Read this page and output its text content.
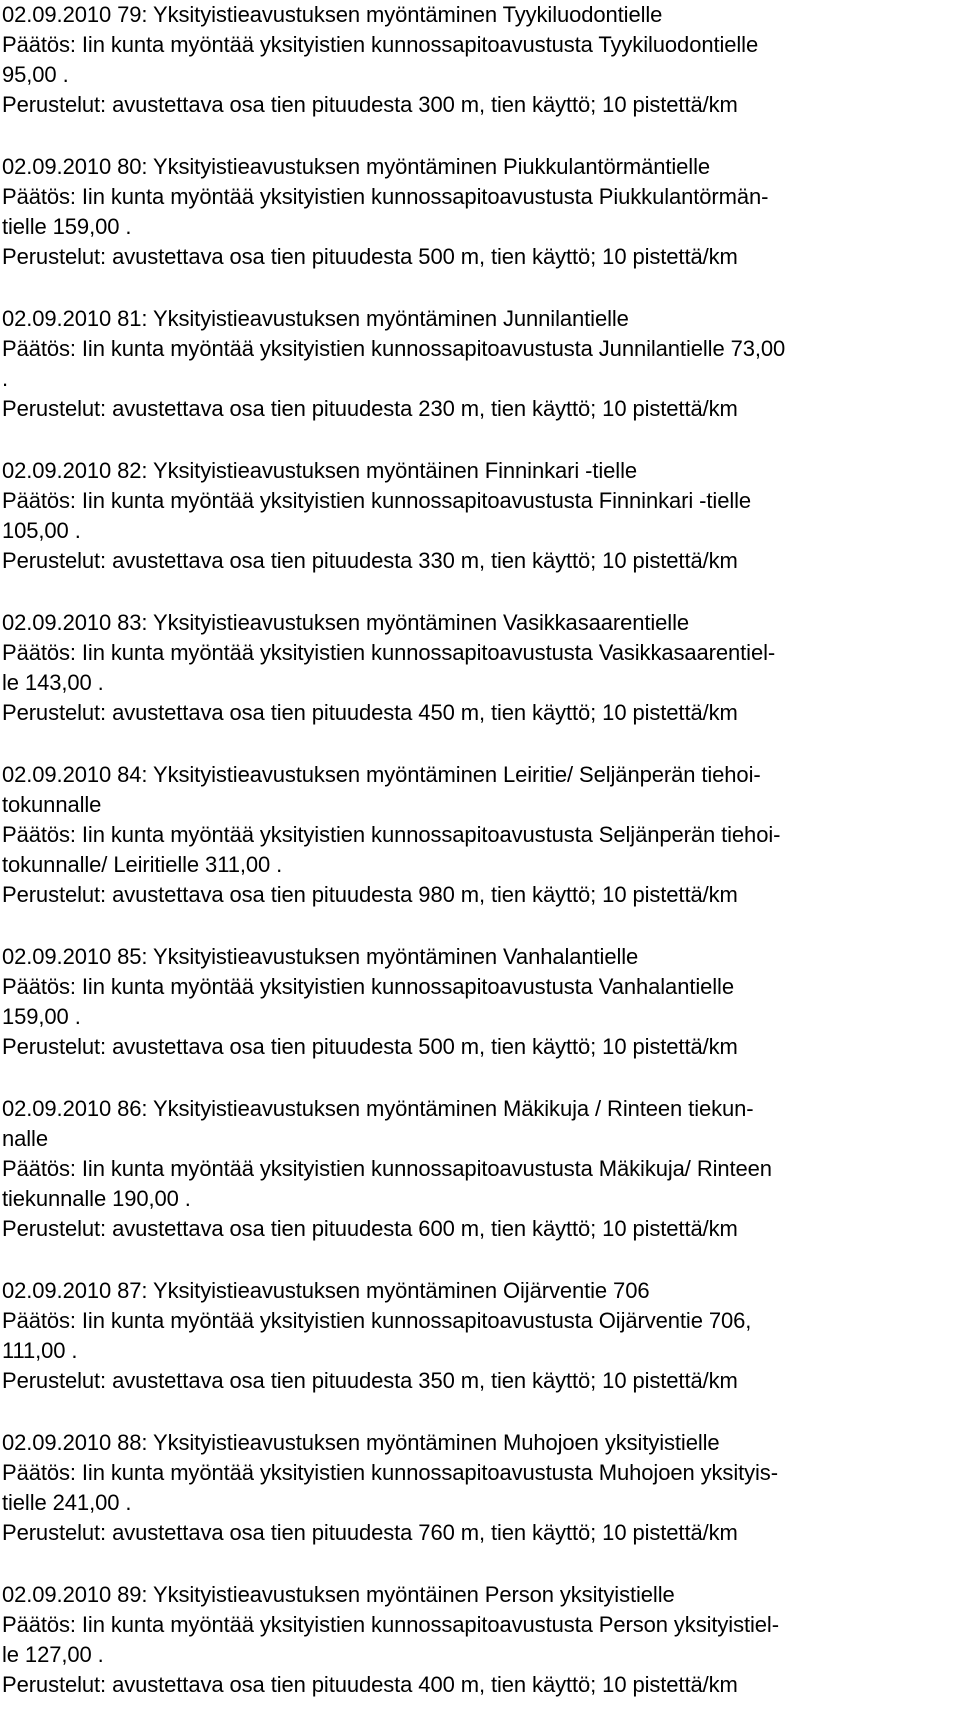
02.09.2010 79: Yksityistieavustuksen myöntäminen Tyykiluodontielle
Päätös: Iin kunta myöntää yksityistien kunnossapitoavustusta Tyykiluodontielle
95,00 .
Perustelut: avustettava osa tien pituudesta 300 m, tien käyttö; 10 pistettä/km
02.09.2010 80: Yksityistieavustuksen myöntäminen Piukkulantörmäntielle
Päätös: Iin kunta myöntää yksityistien kunnossapitoavustusta Piukkulantörmän-
tielle 159,00 .
Perustelut: avustettava osa tien pituudesta 500 m, tien käyttö; 10 pistettä/km
02.09.2010 81: Yksityistieavustuksen myöntäminen Junnilantielle
Päätös: Iin kunta myöntää yksityistien kunnossapitoavustusta Junnilantielle 73,00
.
Perustelut: avustettava osa tien pituudesta 230 m, tien käyttö; 10 pistettä/km
02.09.2010 82: Yksityistieavustuksen myöntäinen Finninkari -tielle
Päätös: Iin kunta myöntää yksityistien kunnossapitoavustusta Finninkari -tielle
105,00 .
Perustelut: avustettava osa tien pituudesta 330 m, tien käyttö; 10 pistettä/km
02.09.2010 83: Yksityistieavustuksen myöntäminen Vasikkasaarentielle
Päätös: Iin kunta myöntää yksityistien kunnossapitoavustusta Vasikkasaarentiel-
le 143,00 .
Perustelut: avustettava osa tien pituudesta 450 m, tien käyttö; 10 pistettä/km
02.09.2010 84: Yksityistieavustuksen myöntäminen Leiritie/ Seljänperän tiehoi-
tokunnalle
Päätös: Iin kunta myöntää yksityistien kunnossapitoavustusta Seljänperän tiehoi-
tokunnalle/ Leiritielle 311,00 .
Perustelut: avustettava osa tien pituudesta 980 m, tien käyttö; 10 pistettä/km
02.09.2010 85: Yksityistieavustuksen myöntäminen Vanhalantielle
Päätös: Iin kunta myöntää yksityistien kunnossapitoavustusta Vanhalantielle
159,00 .
Perustelut: avustettava osa tien pituudesta 500 m, tien käyttö; 10 pistettä/km
02.09.2010 86: Yksityistieavustuksen myöntäminen Mäkikuja / Rinteen tiekun-
nalle
Päätös: Iin kunta myöntää yksityistien kunnossapitoavustusta Mäkikuja/ Rinteen
tiekunnalle 190,00 .
Perustelut: avustettava osa tien pituudesta 600 m, tien käyttö; 10 pistettä/km
02.09.2010 87: Yksityistieavustuksen myöntäminen Oijärventie 706
Päätös: Iin kunta myöntää yksityistien kunnossapitoavustusta Oijärventie 706,
111,00 .
Perustelut: avustettava osa tien pituudesta 350 m, tien käyttö; 10 pistettä/km
02.09.2010 88: Yksityistieavustuksen myöntäminen Muhojoen yksityistielle
Päätös: Iin kunta myöntää yksityistien kunnossapitoavustusta Muhojoen yksityis-
tielle 241,00 .
Perustelut: avustettava osa tien pituudesta 760 m, tien käyttö; 10 pistettä/km
02.09.2010 89: Yksityistieavustuksen myöntäinen Person yksityistielle
Päätös: Iin kunta myöntää yksityistien kunnossapitoavustusta Person yksityistiel-
le 127,00 .
Perustelut: avustettava osa tien pituudesta 400 m, tien käyttö; 10 pistettä/km
